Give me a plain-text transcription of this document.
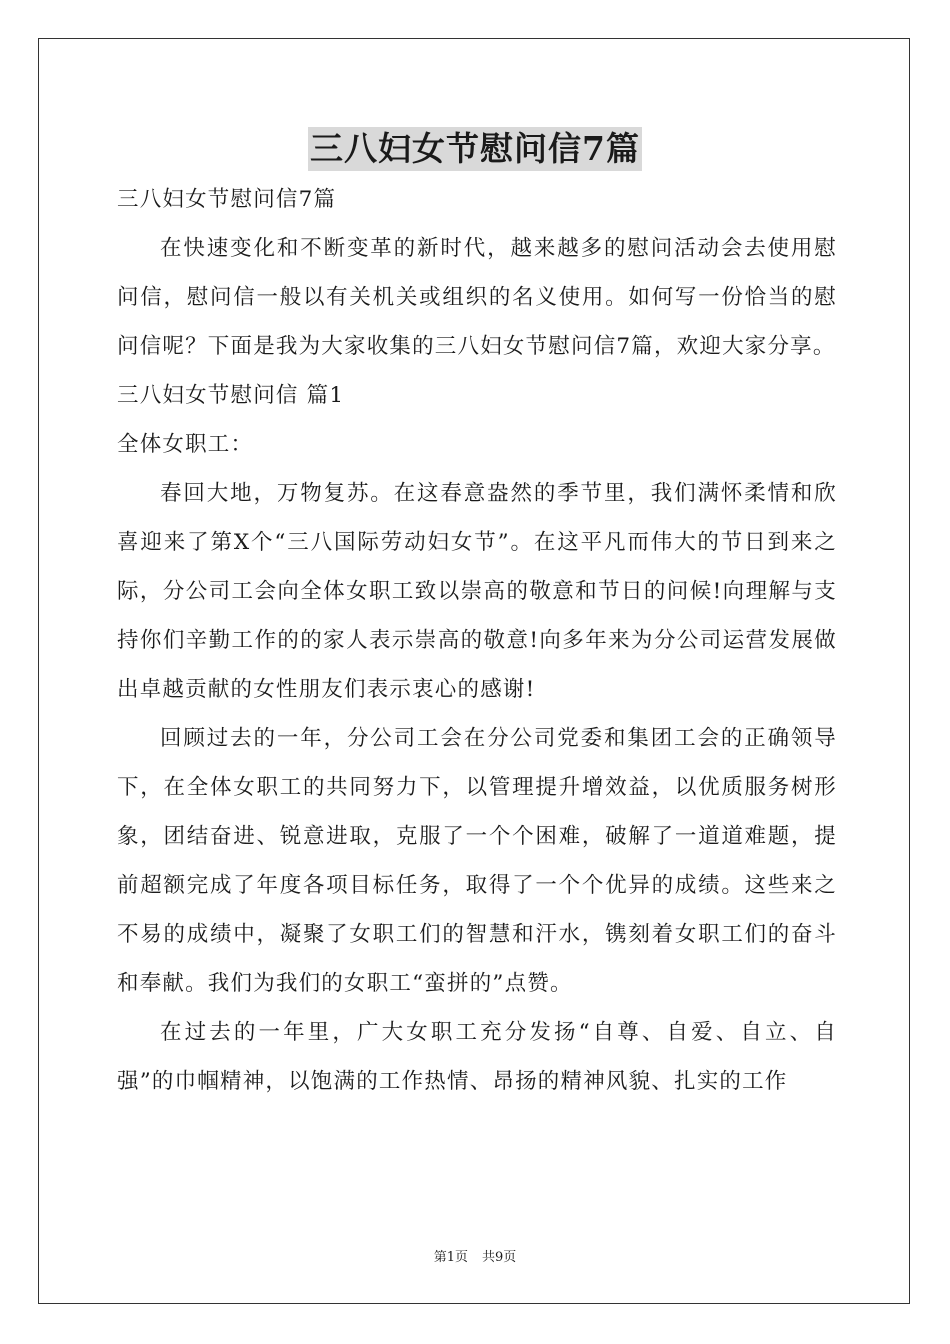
三八妇女节慰问信7篇

三八妇女节慰问信7篇

在快速变化和不断变革的新时代，越来越多的慰问活动会去使用慰问信，慰问信一般以有关机关或组织的名义使用。如何写一份恰当的慰问信呢？下面是我为大家收集的三八妇女节慰问信7篇，欢迎大家分享。

三八妇女节慰问信 篇1

全体女职工：

春回大地，万物复苏。在这春意盎然的季节里，我们满怀柔情和欣喜迎来了第X个“三八国际劳动妇女节”。在这平凡而伟大的节日到来之际，分公司工会向全体女职工致以崇高的敬意和节日的问候!向理解与支持你们辛勤工作的的家人表示崇高的敬意!向多年来为分公司运营发展做出卓越贡献的女性朋友们表示衷心的感谢!

回顾过去的一年，分公司工会在分公司党委和集团工会的正确领导下，在全体女职工的共同努力下，以管理提升增效益，以优质服务树形象，团结奋进、锐意进取，克服了一个个困难，破解了一道道难题，提前超额完成了年度各项目标任务，取得了一个个优异的成绩。这些来之不易的成绩中，凝聚了女职工们的智慧和汗水，镌刻着女职工们的奋斗和奉献。我们为我们的女职工“蛮拼的”点赞。

在过去的一年里，广大女职工充分发扬“自尊、自爱、自立、自强”的巾帼精神，以饱满的工作热情、昂扬的精神风貌、扎实的工作

第1页 共9页
